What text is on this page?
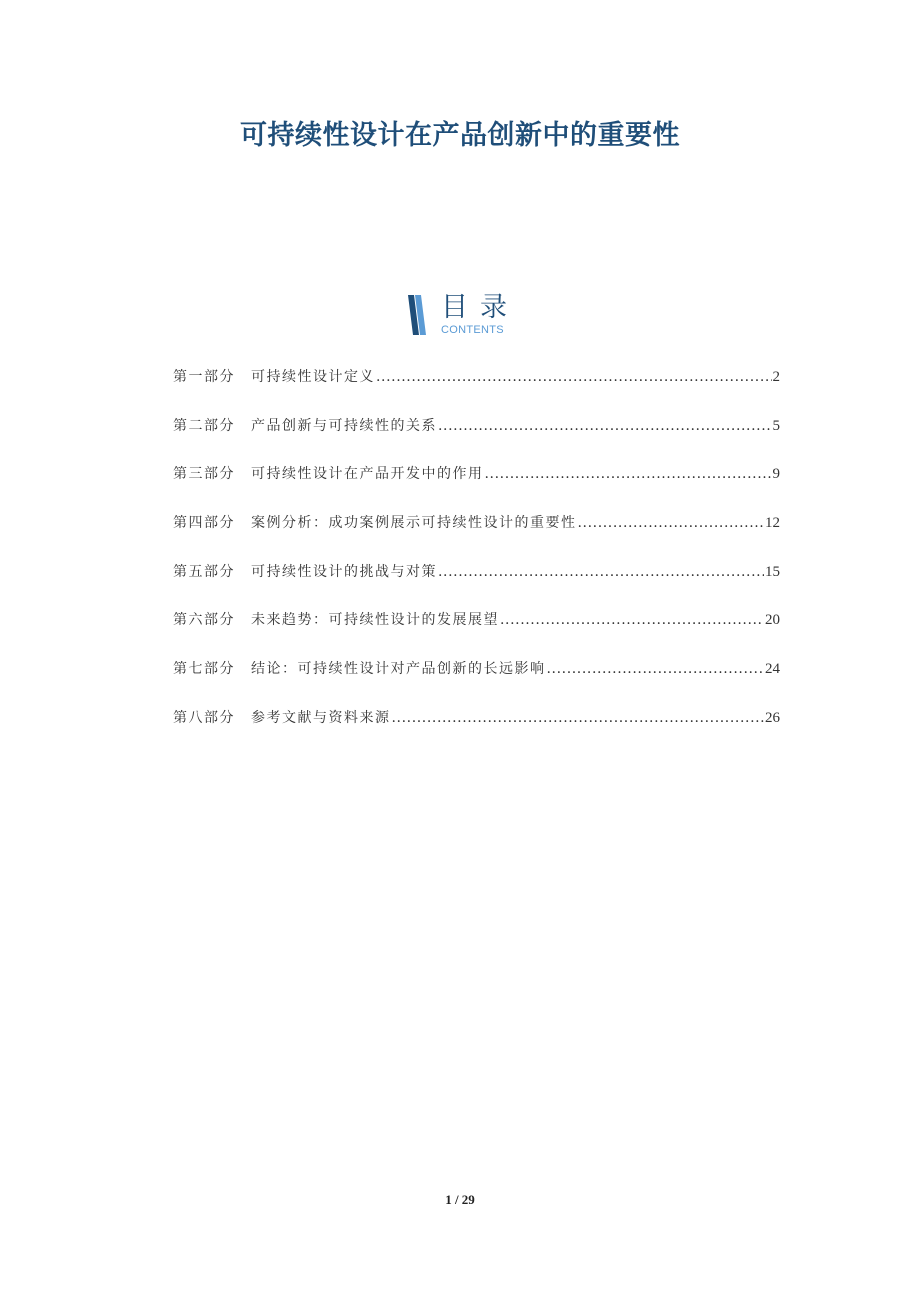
可持续性设计在产品创新中的重要性
目录
CONTENTS
第一部分 可持续性设计定义 .....	2
第二部分 产品创新与可持续性的关系 .....	5
第三部分 可持续性设计在产品开发中的作用 .....	9
第四部分 案例分析：成功案例展示可持续性设计的重要性 .....	12
第五部分 可持续性设计的挑战与对策 .....	15
第六部分 未来趋势：可持续性设计的发展展望 .....	20
第七部分 结论：可持续性设计对产品创新的长远影响 .....	24
第八部分 参考文献与资料来源 .....	26
1 / 29
